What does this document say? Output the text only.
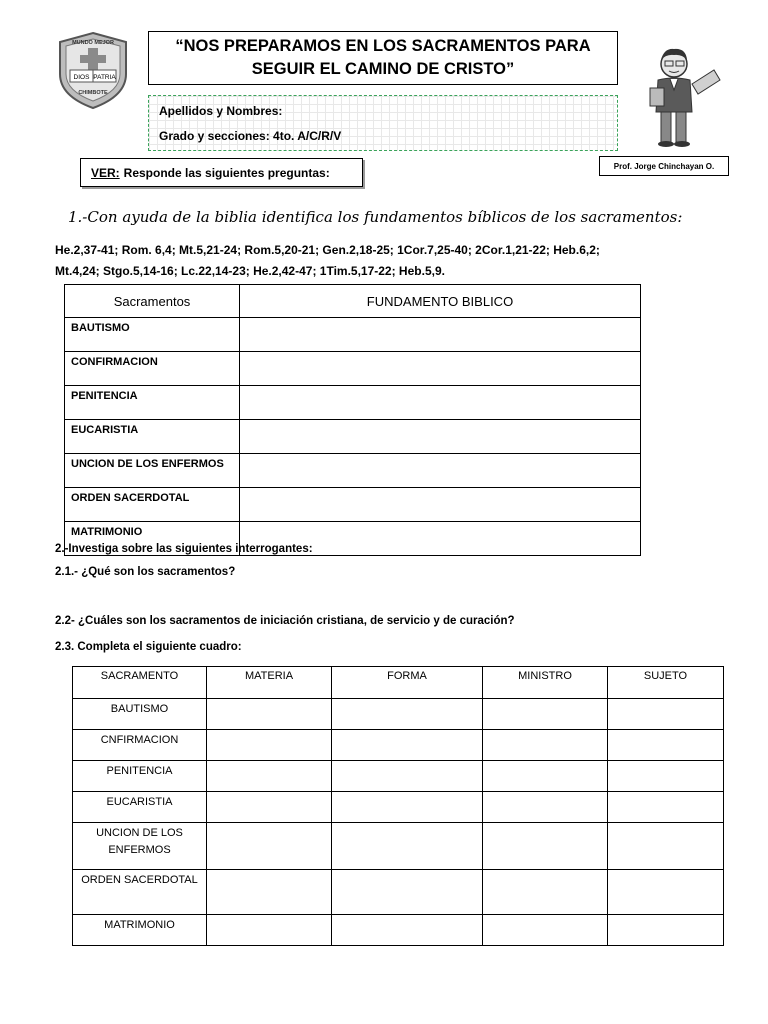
DIOS PATRIA
MUNDO MEJOR
CHIMBOTE
“NOS PREPARAMOS EN LOS SACRAMENTOS PARA SEGUIR EL CAMINO DE CRISTO”
Apellidos y Nombres:
Grado y secciones: 4to. A/C/R/V
Prof. Jorge Chinchayan O.
VER: Responde las siguientes preguntas:
1.-Con ayuda de la biblia identifica los fundamentos bíblicos de los sacramentos:
He.2,37-41; Rom. 6,4; Mt.5,21-24; Rom.5,20-21; Gen.2,18-25; 1Cor.7,25-40; 2Cor.1,21-22; Heb.6,2;
Mt.4,24; Stgo.5,14-16; Lc.22,14-23; He.2,42-47; 1Tim.5,17-22; Heb.5,9.
Sacramentos	FUNDAMENTO BIBLICO
BAUTISMO	
CONFIRMACION	
PENITENCIA	
EUCARISTIA	
UNCION DE LOS ENFERMOS	
ORDEN SACERDOTAL	
MATRIMONIO	
2.-Investiga sobre las siguientes interrogantes:
2.1.- ¿Qué son los sacramentos?
2.2- ¿Cuáles son los sacramentos de iniciación cristiana, de servicio y de curación?
2.3. Completa el siguiente cuadro:
SACRAMENTO	MATERIA	FORMA	MINISTRO	SUJETO
BAUTISMO				
CNFIRMACION				
PENITENCIA				
EUCARISTIA				
UNCION DE LOS ENFERMOS				
ORDEN SACERDOTAL				
MATRIMONIO				
